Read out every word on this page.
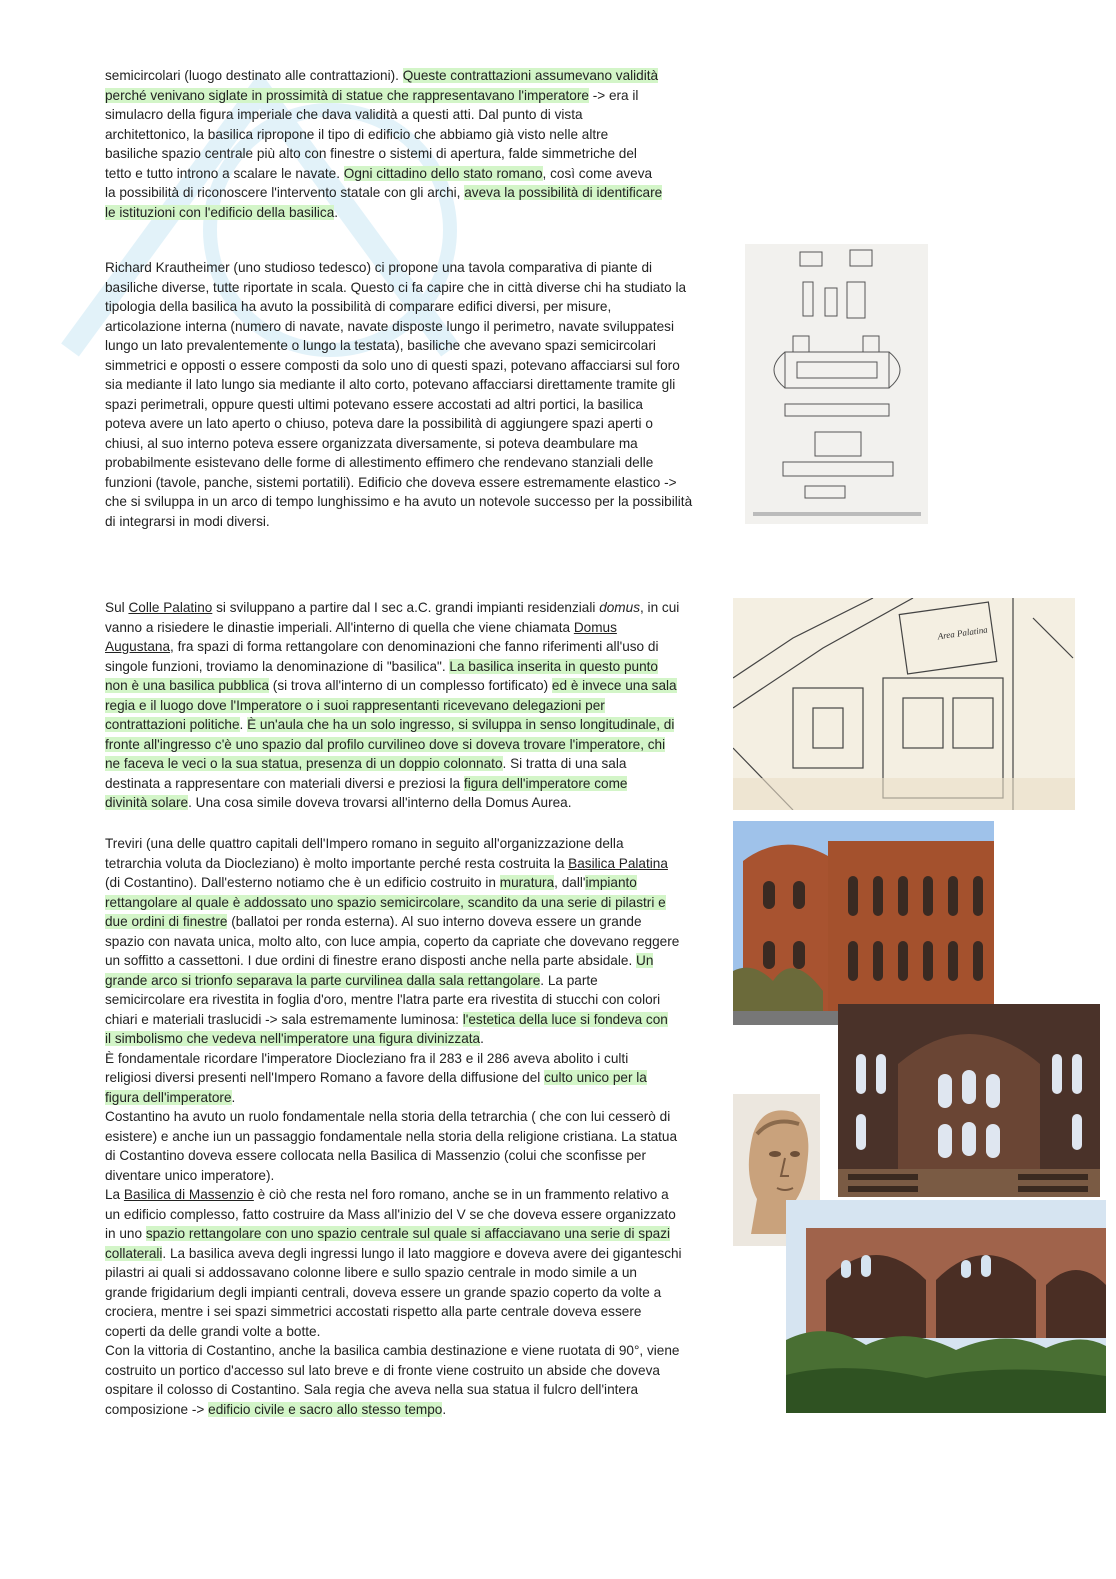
semicircolari (luogo destinato alle contrattazioni). Queste contrattazioni assumevano validità
perché venivano siglate in prossimità di statue che rappresentavano l'imperatore -> era il
simulacro della figura imperiale che dava validità a questi atti. Dal punto di vista
architettonico, la basilica ripropone il tipo di edificio che abbiamo già visto nelle altre
basiliche spazio centrale più alto con finestre o sistemi di apertura, falde simmetriche del
tetto e tutto introno a scalare le navate. Ogni cittadino dello stato romano, così come aveva
la possibilità di riconoscere l'intervento statale con gli archi, aveva la possibilità di identificare
le istituzioni con l'edificio della basilica.
Richard Krautheimer (uno studioso tedesco) ci propone una tavola comparativa di piante di
basiliche diverse, tutte riportate in scala. Questo ci fa capire che in città diverse chi ha studiato la
tipologia della basilica ha avuto la possibilità di comparare edifici diversi, per misure,
articolazione interna (numero di navate, navate disposte lungo il perimetro, navate sviluppatesi
lungo un lato prevalentemente o lungo la testata), basiliche che avevano spazi semicircolari
simmetrici e opposti o essere composti da solo uno di questi spazi, potevano affacciarsi sul foro
sia mediante il lato lungo sia mediante il alto corto, potevano affacciarsi direttamente tramite gli
spazi perimetrali, oppure questi ultimi potevano essere accostati ad altri portici, la basilica
poteva avere un lato aperto o chiuso, poteva dare la possibilità di aggiungere spazi aperti o
chiusi, al suo interno poteva essere organizzata diversamente, si poteva deambulare ma
probabilmente esistevano delle forme di allestimento effimero che rendevano stanziali delle
funzioni (tavole, panche, sistemi portatili). Edificio che doveva essere estremamente elastico ->
che si sviluppa in un arco di tempo lunghissimo e ha avuto un notevole successo per la possibilità
di integrarsi in modi diversi.
Sul Colle Palatino si sviluppano a partire dal I sec a.C. grandi impianti residenziali domus, in cui
vanno a risiedere le dinastie imperiali. All'interno di quella che viene chiamata Domus
Augustana, fra spazi di forma rettangolare con denominazioni che fanno riferimenti all'uso di
singole funzioni, troviamo la denominazione di "basilica". La basilica inserita in questo punto
non è una basilica pubblica (si trova all'interno di un complesso fortificato) ed è invece una sala
regia e il luogo dove l'Imperatore o i suoi rappresentanti ricevevano delegazioni per
contrattazioni politiche. È un'aula che ha un solo ingresso, si sviluppa in senso longitudinale, di
fronte all'ingresso c'è uno spazio dal profilo curvilineo dove si doveva trovare l'imperatore, chi
ne faceva le veci o la sua statua, presenza di un doppio colonnato. Si tratta di una sala
destinata a rappresentare con materiali diversi e preziosi la figura dell'imperatore come
divinità solare. Una cosa simile doveva trovarsi all'interno della Domus Aurea.
Treviri (una delle quattro capitali dell'Impero romano in seguito all'organizzazione della
tetrarchia voluta da Diocleziano) è molto importante perché resta costruita la Basilica Palatina
(di Costantino). Dall'esterno notiamo che è un edificio costruito in muratura, dall'impianto
rettangolare al quale è addossato uno spazio semicircolare, scandito da una serie di pilastri e
due ordini di finestre (ballatoi per ronda esterna). Al suo interno doveva essere un grande
spazio con navata unica, molto alto, con luce ampia, coperto da capriate che dovevano reggere
un soffitto a cassettoni. I due ordini di finestre erano disposti anche nella parte absidale. Un
grande arco si trionfo separava la parte curvilinea dalla sala rettangolare. La parte
semicircolare era rivestita in foglia d'oro, mentre l'latra parte era rivestita di stucchi con colori
chiari e materiali traslucidi -> sala estremamente luminosa: l'estetica della luce si fondeva con
il simbolismo che vedeva nell'imperatore una figura divinizzata.
È fondamentale ricordare l'imperatore Diocleziano fra il 283 e il 286 aveva abolito i culti
religiosi diversi presenti nell'Impero Romano a favore della diffusione del culto unico per la
figura dell'imperatore.
Costantino ha avuto un ruolo fondamentale nella storia della tetrarchia ( che con lui cesserò di
esistere) e anche iun un passaggio fondamentale nella storia della religione cristiana. La statua
di Costantino doveva essere collocata nella Basilica di Massenzio (colui che sconfisse per
diventare unico imperatore).
La Basilica di Massenzio è ciò che resta nel foro romano, anche se in un frammento relativo a
un edificio complesso, fatto costruire da Mass all'inizio del V se che doveva essere organizzato
in uno spazio rettangolare con uno spazio centrale sul quale si affacciavano una serie di spazi
collaterali. La basilica aveva degli ingressi lungo il lato maggiore e doveva avere dei giganteschi
pilastri ai quali si addossavano colonne libere e sullo spazio centrale in modo simile a un
grande frigidarium degli impianti centrali, doveva essere un grande spazio coperto da volte a
crociera, mentre i sei spazi simmetrici accostati rispetto alla parte centrale doveva essere
coperti da delle grandi volte a botte.
Con la vittoria di Costantino, anche la basilica cambia destinazione e viene ruotata di 90°, viene
costruito un portico d'accesso sul lato breve e di fronte viene costruito un abside che doveva
ospitare il colosso di Costantino. Sala regia che aveva nella sua statua il fulcro dell'intera
composizione -> edificio civile e sacro allo stesso tempo.
Area Palatina
